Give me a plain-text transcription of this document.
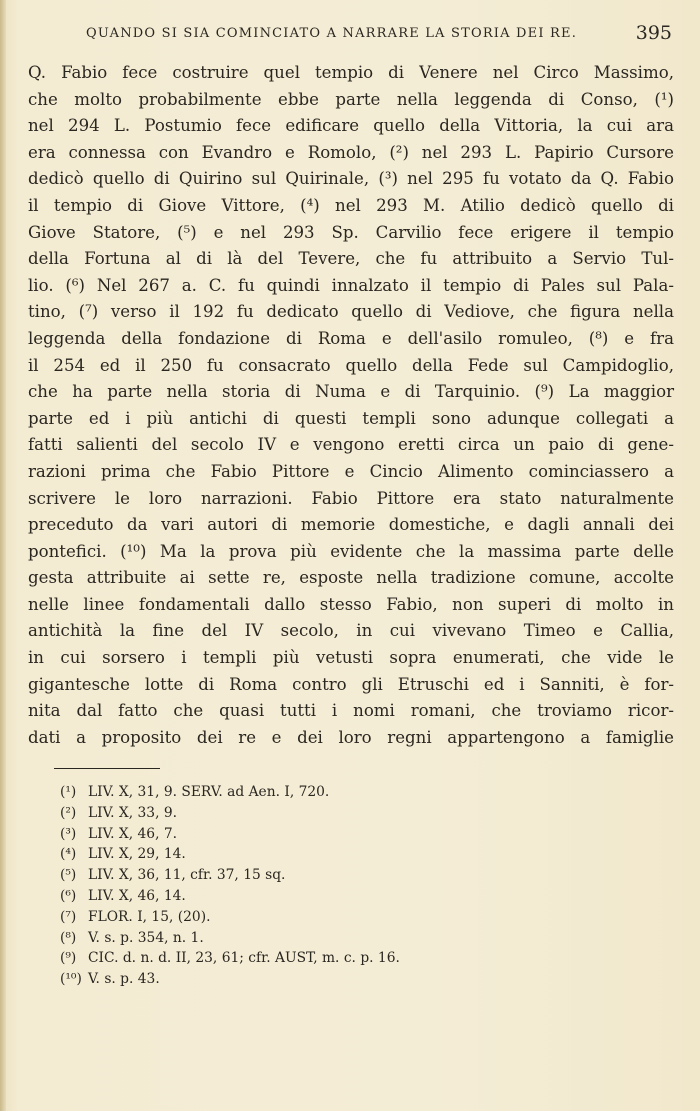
QUANDO SI SIA COMINCIATO A NARRARE LA STORIA DEI RE.	395
Q. Fabio fece costruire quel tempio di Venere nel Circo Massimo,
che molto probabilmente ebbe parte nella leggenda di Conso, (¹)
nel 294 L. Postumio fece edificare quello della Vittoria, la cui ara
era connessa con Evandro e Romolo, (²) nel 293 L. Papirio Cursore
dedicò quello di Quirino sul Quirinale, (³) nel 295 fu votato da Q. Fabio
il tempio di Giove Vittore, (⁴) nel 293 M. Atilio dedicò quello di
Giove Statore, (⁵) e nel 293 Sp. Carvilio fece erigere il tempio
della Fortuna al di là del Tevere, che fu attribuito a Servio Tul-
lio. (⁶) Nel 267 a. C. fu quindi innalzato il tempio di Pales sul Pala-
tino, (⁷) verso il 192 fu dedicato quello di Vediove, che figura nella
leggenda della fondazione di Roma e dell'asilo romuleo, (⁸) e fra
il 254 ed il 250 fu consacrato quello della Fede sul Campidoglio,
che ha parte nella storia di Numa e di Tarquinio. (⁹) La maggior
parte ed i più antichi di questi templi sono adunque collegati a
fatti salienti del secolo IV e vengono eretti circa un paio di gene-
razioni prima che Fabio Pittore e Cincio Alimento cominciassero a
scrivere le loro narrazioni. Fabio Pittore era stato naturalmente
preceduto da vari autori di memorie domestiche, e dagli annali dei
pontefici. (¹⁰) Ma la prova più evidente che la massima parte delle
gesta attribuite ai sette re, esposte nella tradizione comune, accolte
nelle linee fondamentali dallo stesso Fabio, non superi di molto in
antichità la fine del IV secolo, in cui vivevano Timeo e Callia,
in cui sorsero i templi più vetusti sopra enumerati, che vide le
gigantesche lotte di Roma contro gli Etruschi ed i Sanniti, è for-
nita dal fatto che quasi tutti i nomi romani, che troviamo ricor-
dati a proposito dei re e dei loro regni appartengono a famiglie
(¹) LIV. X, 31, 9. SERV. ad Aen. I, 720.
(²) LIV. X, 33, 9.
(³) LIV. X, 46, 7.
(⁴) LIV. X, 29, 14.
(⁵) LIV. X, 36, 11, cfr. 37, 15 sq.
(⁶) LIV. X, 46, 14.
(⁷) FLOR. I, 15, (20).
(⁸) V. s. p. 354, n. 1.
(⁹) CIC. d. n. d. II, 23, 61; cfr. AUST, m. c. p. 16.
(¹⁰) V. s. p. 43.
